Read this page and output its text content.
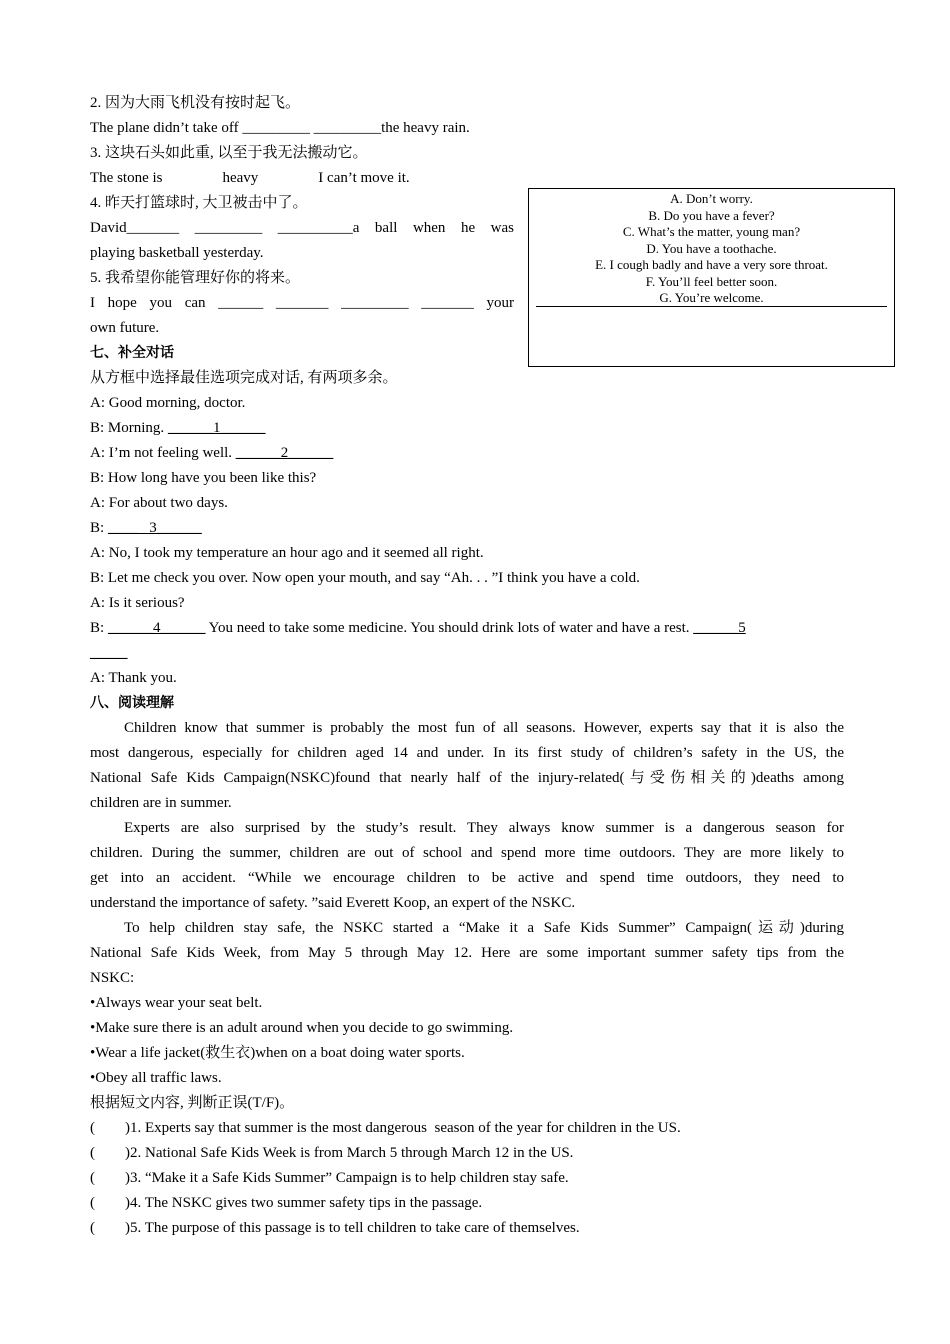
2. 因为大雨飞机没有按时起飞。
The plane didn’t take off _________ _________the heavy rain.
3. 这块石头如此重, 以至于我无法搬动它。
The stone is                heavy                I can’t move it.
4. 昨天打篮球时, 大卫被击中了。
David_______  _________  __________a  ball  when  he  was
playing basketball yesterday.
5. 我希望你能管理好你的将来。
I  hope  you  can  ______  _______  _________  _______  your
own future.
A. Don’t worry.
B. Do you have a fever?
C. What’s the matter, young man?
D. You have a toothache.
E. I cough badly and have a very sore throat.
F. You’ll feel better soon.
G. You’re welcome.
七、补全对话
从方框中选择最佳选项完成对话, 有两项多余。
A: Good morning, doctor.
B: Morning. ______1______
A: I’m not feeling well. ______2______
B: How long have you been like this?
A: For about two days.
B: ____   3______
A: No, I took my temperature an hour ago and it seemed all right.
B: Let me check you over. Now open your mouth, and say “Ah. . . ”I think you have a cold.
A: Is it serious?
B: ______4______ You need to take some medicine. You should drink lots of water and have a rest. ______5
_____
A: Thank you.
八、阅读理解
Children know that summer is probably the most fun of all seasons. However, experts say that it is also the
most dangerous, especially for children aged 14 and under. In its first study of children’s safety in the US, the
National Safe Kids Campaign(NSKC)found that nearly half of the injury-related(与受伤相关的)deaths among
children are in summer.
Experts are also surprised by the study’s result. They always know summer is a dangerous season for
children. During the summer, children are out of school and spend more time outdoors. They are more likely to
get into an accident. “While we encourage children to be active and spend time outdoors, they need to
understand the importance of safety. ”said Everett Koop, an expert of the NSKC.
To help children stay safe, the NSKC started a “Make it a Safe Kids Summer” Campaign(运动)during
National Safe Kids Week, from May 5 through May 12. Here are some important summer safety tips from the
NSKC:
•Always wear your seat belt.
•Make sure there is an adult around when you decide to go swimming.
•Wear a life jacket(救生衣)when on a boat doing water sports.
•Obey all traffic laws.
根据短文内容, 判断正误(T/F)。
(        )1. Experts say that summer is the most dangerous  season of the year for children in the US.
(        )2. National Safe Kids Week is from March 5 through March 12 in the US.
(        )3. “Make it a Safe Kids Summer” Campaign is to help children stay safe.
(        )4. The NSKC gives two summer safety tips in the passage.
(        )5. The purpose of this passage is to tell children to take care of themselves.
